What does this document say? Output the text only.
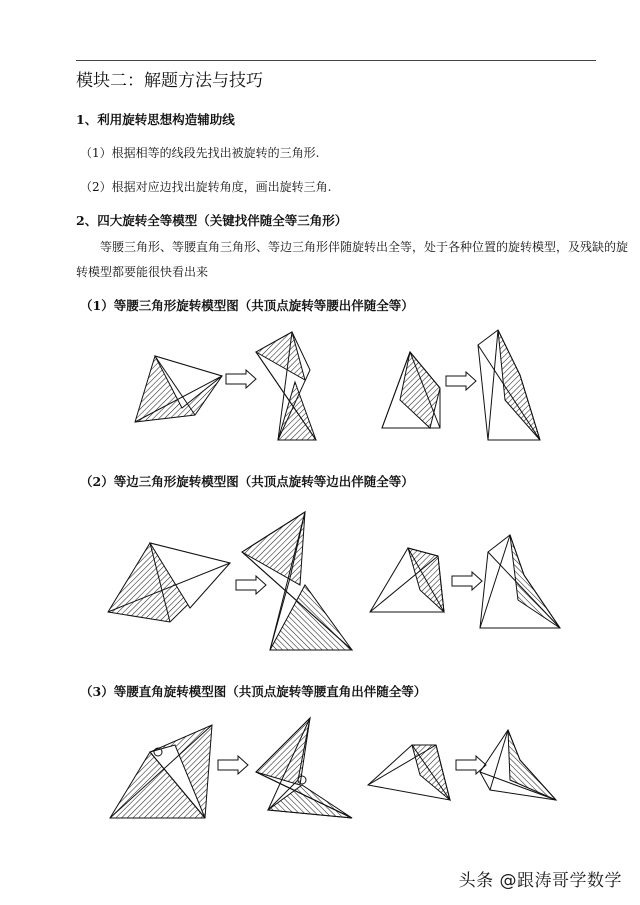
模块二：解题方法与技巧
1、利用旋转思想构造辅助线
（1）根据相等的线段先找出被旋转的三角形.
（2）根据对应边找出旋转角度，画出旋转三角.
2、四大旋转全等模型（关键找伴随全等三角形）
等腰三角形、等腰直角三角形、等边三角形伴随旋转出全等，处于各种位置的旋转模型，及残缺的旋
转模型都要能很快看出来
（1）等腰三角形旋转模型图（共顶点旋转等腰出伴随全等）
（2）等边三角形旋转模型图（共顶点旋转等边出伴随全等）
（3）等腰直角旋转模型图（共顶点旋转等腰直角出伴随全等）
头条 @跟涛哥学数学
